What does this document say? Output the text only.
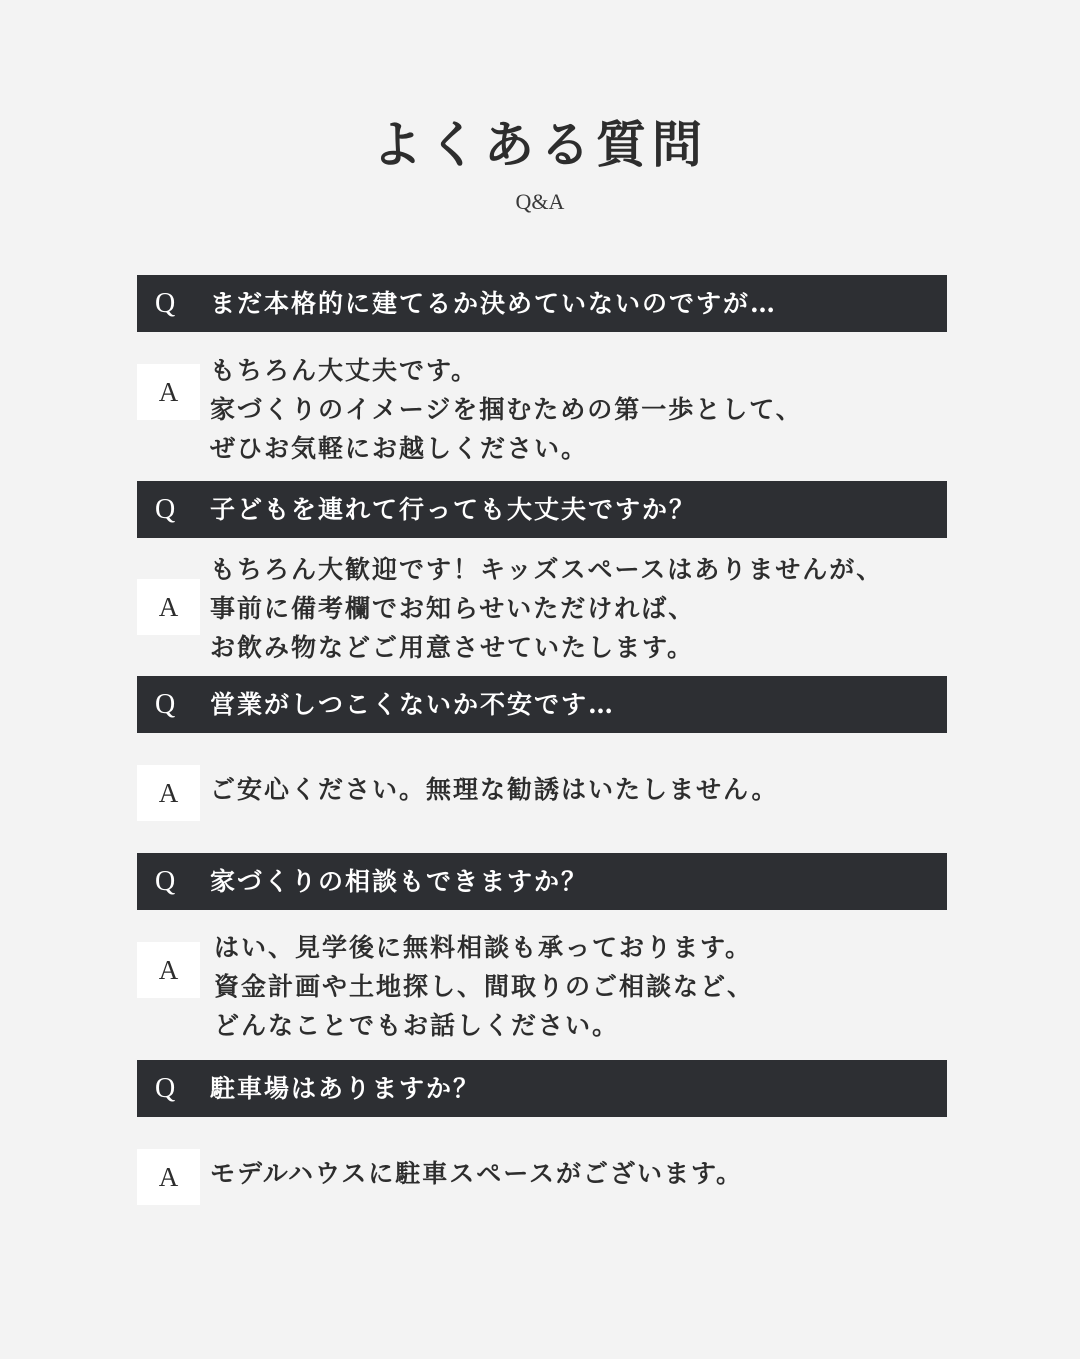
よくある質問
Q&A
Q	まだ本格的に建てるか決めていないのですが…
A
もちろん大丈夫です。
家づくりのイメージを掴むための第一歩として、
ぜひお気軽にお越しください。
Q	子どもを連れて行っても大丈夫ですか？
A
もちろん大歓迎です！キッズスペースはありませんが、
事前に備考欄でお知らせいただければ、
お飲み物などご用意させていたします。
Q	営業がしつこくないか不安です…
A	ご安心ください。無理な勧誘はいたしません。
Q	家づくりの相談もできますか？
A
はい、見学後に無料相談も承っております。
資金計画や土地探し、間取りのご相談など、
どんなことでもお話しください。
Q	駐車場はありますか？
A	モデルハウスに駐車スペースがございます。
